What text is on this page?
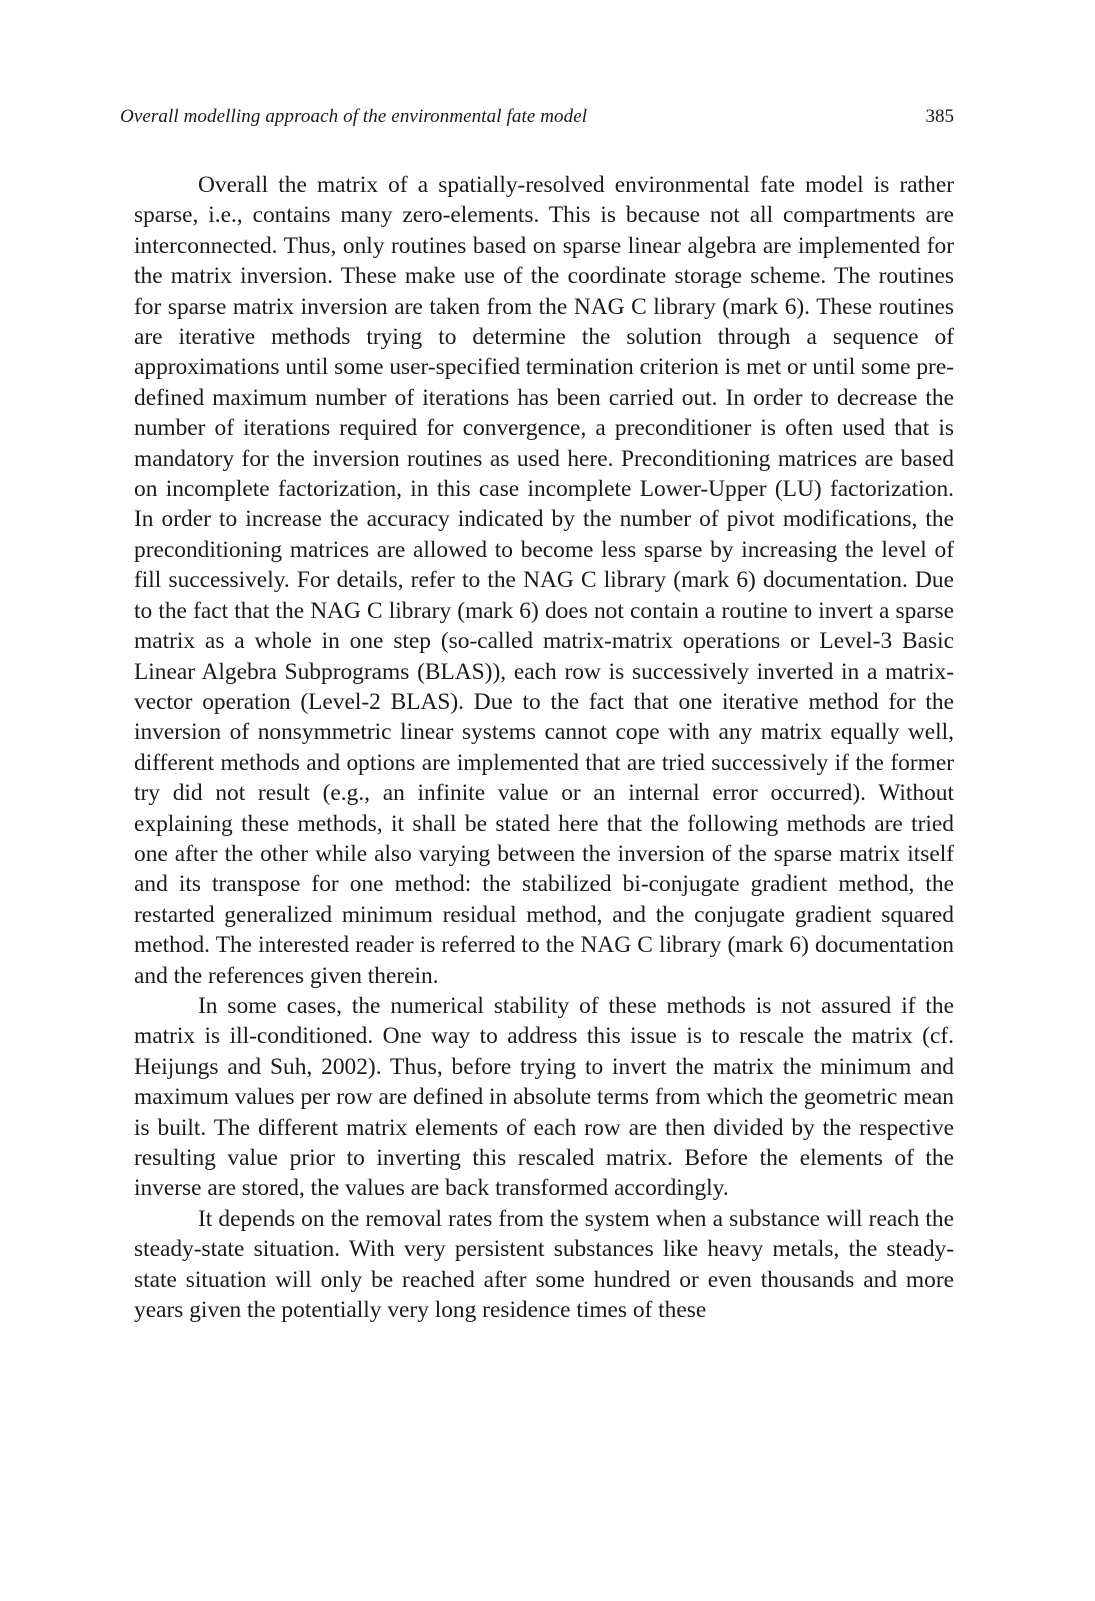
Overall modelling approach of the environmental fate model	385

Overall the matrix of a spatially-resolved environmental fate model is rather sparse, i.e., contains many zero-elements. This is because not all compartments are interconnected. Thus, only routines based on sparse linear algebra are implemented for the matrix inversion. These make use of the coordinate storage scheme. The routines for sparse matrix inversion are taken from the NAG C library (mark 6). These routines are iterative methods trying to determine the solution through a sequence of approximations until some user-specified termination criterion is met or until some pre-defined maximum number of iterations has been carried out. In order to decrease the number of iterations required for convergence, a preconditioner is often used that is mandatory for the inversion routines as used here. Preconditioning matrices are based on incomplete factorization, in this case incomplete Lower-Upper (LU) factorization. In order to increase the accuracy indicated by the number of pivot modifications, the preconditioning matrices are allowed to become less sparse by increasing the level of fill successively. For details, refer to the NAG C library (mark 6) documentation. Due to the fact that the NAG C library (mark 6) does not contain a routine to invert a sparse matrix as a whole in one step (so-called matrix-matrix operations or Level-3 Basic Linear Algebra Subprograms (BLAS)), each row is successively inverted in a matrix-vector operation (Level-2 BLAS). Due to the fact that one iterative method for the inversion of nonsymmetric linear systems cannot cope with any matrix equally well, different methods and options are implemented that are tried successively if the former try did not result (e.g., an infinite value or an internal error occurred). Without explaining these methods, it shall be stated here that the following methods are tried one after the other while also varying between the inversion of the sparse matrix itself and its transpose for one method: the stabilized bi-conjugate gradient method, the restarted generalized minimum residual method, and the conjugate gradient squared method. The interested reader is referred to the NAG C library (mark 6) documentation and the references given therein.

In some cases, the numerical stability of these methods is not assured if the matrix is ill-conditioned. One way to address this issue is to rescale the matrix (cf. Heijungs and Suh, 2002). Thus, before trying to invert the matrix the minimum and maximum values per row are defined in absolute terms from which the geometric mean is built. The different matrix elements of each row are then divided by the respective resulting value prior to inverting this rescaled matrix. Before the elements of the inverse are stored, the values are back transformed accordingly.

It depends on the removal rates from the system when a substance will reach the steady-state situation. With very persistent substances like heavy metals, the steady-state situation will only be reached after some hundred or even thousands and more years given the potentially very long residence times of these
